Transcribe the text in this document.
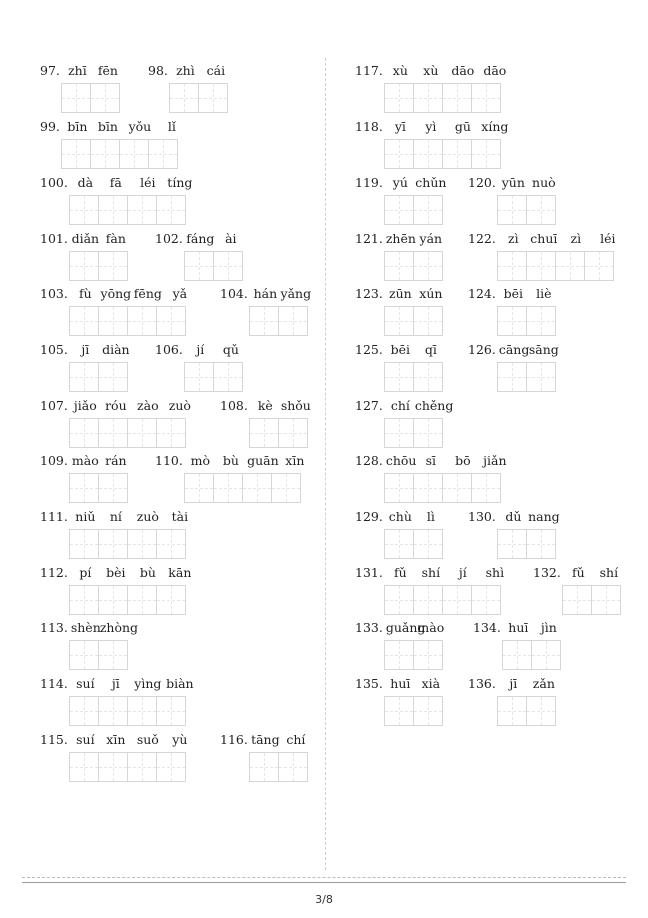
97. zhī fēn	98. zhì cái
99. bīn bīn yǒu	lǐ
100. dà	fā	léi tíng
101. diǎn fàn	102. fáng ài
103. fù yōng fēng yǎ	104. hán yǎng
105.	jī	diàn 106.	jí	qǔ
107. jiǎo róu zào zuò	108. kè shǒu
109. mào rán	110. mò	bù guān xīn
111. niǔ	ní	zuò	tài
112. pí	bèi	bù kān
113. shèn zhòng
114. suí	jī	yìng biàn
115. suí xīn suǒ	yù	116. tāng chí
117. xù	xù	dāo dāo
118. yī	yì	gū xíng
119. yú chǔn 120. yūn nuò
121. zhēn yán	122. zì chuī	zì	léi
123. zūn xún	124. bēi	liè
125. bēi	qī	126. cāng sāng
127. chí chěng
128. chōu sī	bō	jiǎn
129. chù	lì	130. dǔ nang
131. fǔ	shí	jí	shì	132. fǔ	shí
133. guǎng
mào 134. huī jìn
135. huī xià	136.	jī	zǎn
3/8
